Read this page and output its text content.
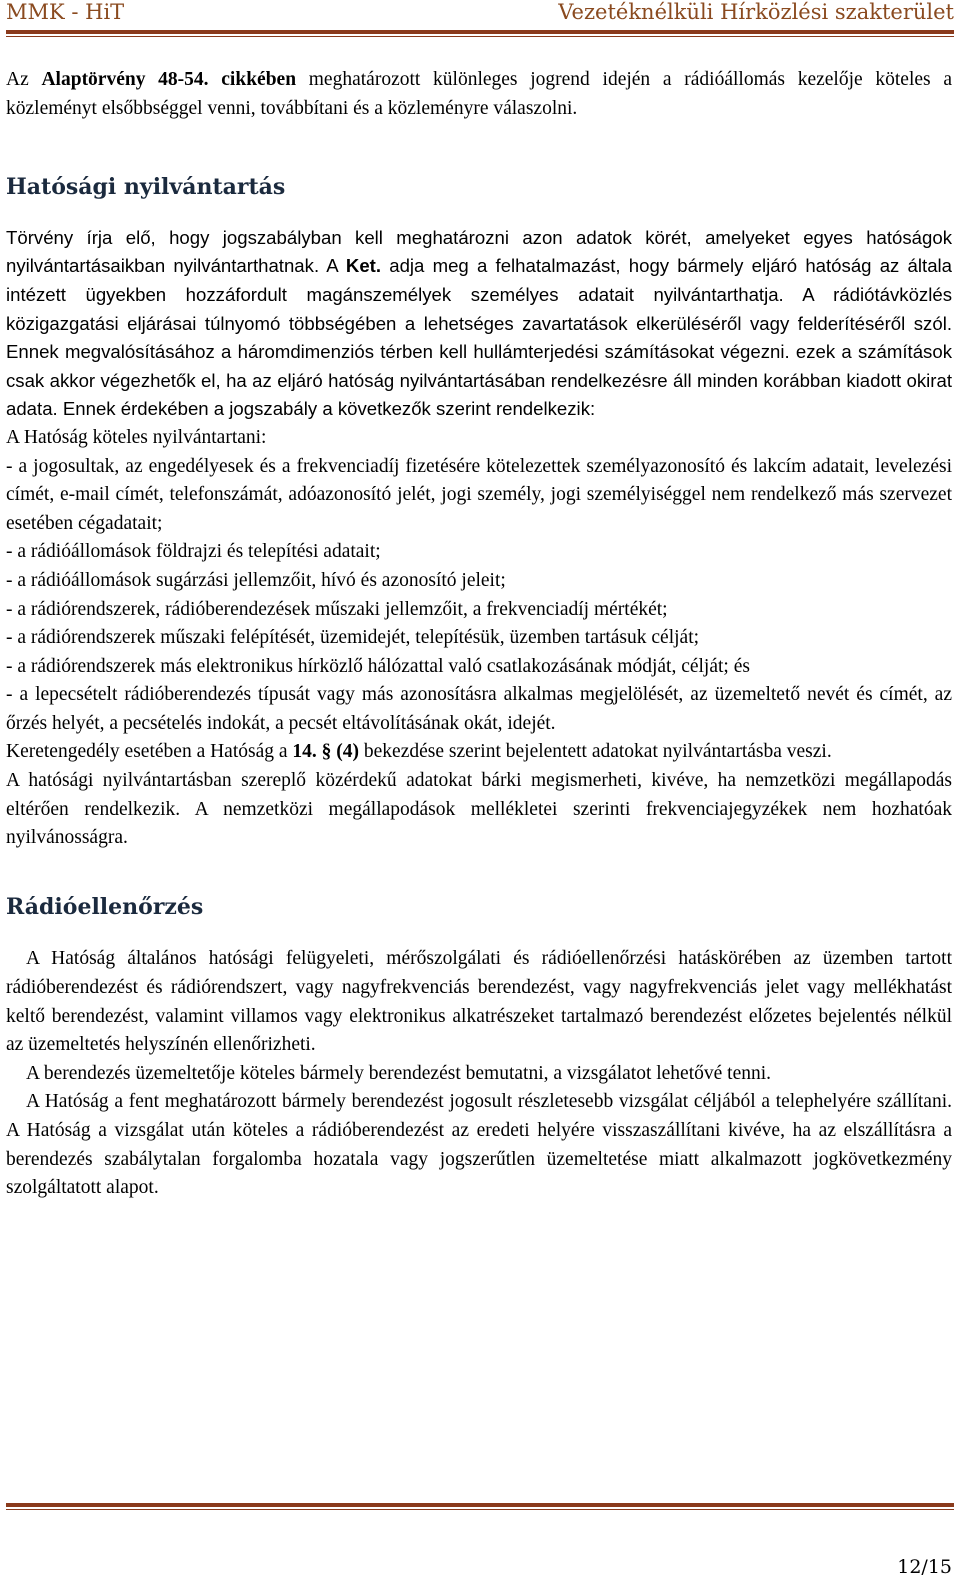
MMK - HiT	Vezetéknélküli Hírközlési szakterület

Az Alaptörvény 48-54. cikkében meghatározott különleges jogrend idején a rádióállomás kezelője köteles a közleményt elsőbbséggel venni, továbbítani és a közleményre válaszolni.

Hatósági nyilvántartás

Törvény írja elő, hogy jogszabályban kell meghatározni azon adatok körét, amelyeket egyes hatóságok nyilvántartásaikban nyilvántarthatnak. A Ket. adja meg a felhatalmazást, hogy bármely eljáró hatóság az általa intézett ügyekben hozzáfordult magánszemélyek személyes adatait nyilvántarthatja. A rádiótávközlés közigazgatási eljárásai túlnyomó többségében a lehetséges zavartatások elkerüléséről vagy felderítéséről szól. Ennek megvalósításához a háromdimenziós térben kell hullámterjedési számításokat végezni. ezek a számítások csak akkor végezhetők el, ha az eljáró hatóság nyilvántartásában rendelkezésre áll minden korábban kiadott okirat adata. Ennek érdekében a jogszabály a következők szerint rendelkezik:

A Hatóság köteles nyilvántartani:

- a jogosultak, az engedélyesek és a frekvenciadíj fizetésére kötelezettek személyazonosító és lakcím adatait, levelezési címét, e-mail címét, telefonszámát, adóazonosító jelét, jogi személy, jogi személyiséggel nem rendelkező más szervezet esetében cégadatait;

- a rádióállomások földrajzi és telepítési adatait;

- a rádióállomások sugárzási jellemzőit, hívó és azonosító jeleit;

- a rádiórendszerek, rádióberendezések műszaki jellemzőit, a frekvenciadíj mértékét;

- a rádiórendszerek műszaki felépítését, üzemidejét, telepítésük, üzemben tartásuk célját;

- a rádiórendszerek más elektronikus hírközlő hálózattal való csatlakozásának módját, célját; és

- a lepecsételt rádióberendezés típusát vagy más azonosításra alkalmas megjelölését, az üzemeltető nevét és címét, az őrzés helyét, a pecsételés indokát, a pecsét eltávolításának okát, idejét.

Keretengedély esetében a Hatóság a 14. § (4) bekezdése szerint bejelentett adatokat nyilvántartásba veszi.

A hatósági nyilvántartásban szereplő közérdekű adatokat bárki megismerheti, kivéve, ha nemzetközi megállapodás eltérően rendelkezik. A nemzetközi megállapodások mellékletei szerinti frekvenciajegyzékek nem hozhatóak nyilvánosságra.

Rádióellenőrzés

A Hatóság általános hatósági felügyeleti, mérőszolgálati és rádióellenőrzési hatáskörében az üzemben tartott rádióberendezést és rádiórendszert, vagy nagyfrekvenciás berendezést, vagy nagyfrekvenciás jelet vagy mellékhatást keltő berendezést, valamint villamos vagy elektronikus alkatrészeket tartalmazó berendezést előzetes bejelentés nélkül az üzemeltetés helyszínén ellenőrizheti.

A berendezés üzemeltetője köteles bármely berendezést bemutatni, a vizsgálatot lehetővé tenni.

A Hatóság a fent meghatározott bármely berendezést jogosult részletesebb vizsgálat céljából a telephelyére szállítani. A Hatóság a vizsgálat után köteles a rádióberendezést az eredeti helyére visszaszállítani kivéve, ha az elszállításra a berendezés szabálytalan forgalomba hozatala vagy jogszerűtlen üzemeltetése miatt alkalmazott jogkövetkezmény szolgáltatott alapot.

12/15
